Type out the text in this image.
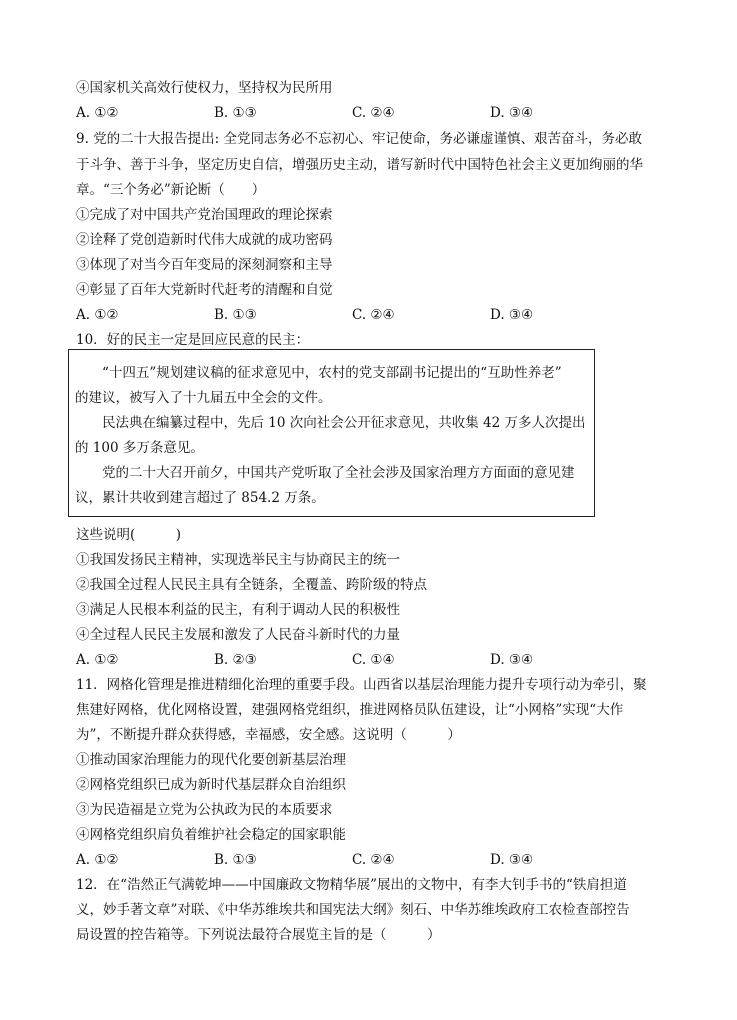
④国家机关高效行使权力，坚持权为民所用
A. ①②	B. ①③	C. ②④	D. ③④
9. 党的二十大报告提出: 全党同志务必不忘初心、牢记使命，务必谦虚谨慎、艰苦奋斗，务必敢
于斗争、善于斗争，坚定历史自信，增强历史主动，谱写新时代中国特色社会主义更加绚丽的华
章。“三个务必”新论断（　　）
①完成了对中国共产党治国理政的理论探索
②诠释了党创造新时代伟大成就的成功密码
③体现了对当今百年变局的深刻洞察和主导
④彰显了百年大党新时代赶考的清醒和自觉
A. ①②	B. ①③	C. ②④	D. ③④
10．好的民主一定是回应民意的民主：
“十四五”规划建议稿的征求意见中，农村的党支部副书记提出的“互助性养老”
的建议，被写入了十九届五中全会的文件。
民法典在编纂过程中，先后 10 次向社会公开征求意见，共收集 42 万多人次提出
的 100 多万条意见。
党的二十大召开前夕，中国共产党听取了全社会涉及国家治理方方面面的意见建
议，累计共收到建言超过了 854.2 万条。
这些说明(　　　)
①我国发扬民主精神，实现选举民主与协商民主的统一
②我国全过程人民民主具有全链条，全覆盖、跨阶级的特点
③满足人民根本利益的民主，有利于调动人民的积极性
④全过程人民民主发展和激发了人民奋斗新时代的力量
A. ①②	B. ②③	C. ①④	D. ③④
11．网格化管理是推进精细化治理的重要手段。山西省以基层治理能力提升专项行动为牵引，聚
焦建好网格，优化网格设置，建强网格党组织，推进网格员队伍建设，让“小网格”实现“大作
为”，不断提升群众获得感，幸福感，安全感。这说明（　　　）
①推动国家治理能力的现代化要创新基层治理
②网格党组织已成为新时代基层群众自治组织
③为民造福是立党为公执政为民的本质要求
④网格党组织肩负着维护社会稳定的国家职能
A. ①②	B. ①③	C. ②④	D. ③④
12．在“浩然正气满乾坤——中国廉政文物精华展”展出的文物中，有李大钊手书的“铁肩担道
义，妙手著文章”对联、《中华苏维埃共和国宪法大纲》刻石、中华苏维埃政府工农检查部控告
局设置的控告箱等。下列说法最符合展览主旨的是（　　　）
